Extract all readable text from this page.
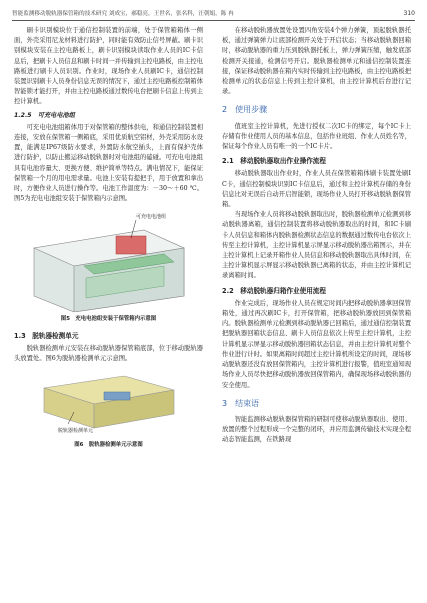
智能监测移动脱轨器保管箱的技术研究 刘成宝，郝稳亮，王世名，张名科，汪朝娟，陈 冉	310

刷卡识别模块位于通信控制装置的前端，处于保管箱箱体一侧面，外壳采用尼龙材料进行防护，同时能有效防止信号屏蔽。刷卡识别模块安装在主控电路板上，刷卡识别模块读取作业人员的IC卡信息后，把刷卡人员信息和刷卡时间一并传输到主控电路板，由主控电路板进行刷卡人员识别。作业时，现场作业人员刷IC卡，通信控制装置识别刷卡人员身份信息无误的情况下，通过主控电路板控制箱体智能锁才能打开，并由主控电路板通过数传电台把刷卡信息上传到主控计算机。

1.2.5　可充电电池组

可充电电池组箱体用于对保管箱的整体供电，和通信控制装置相连接，安放在保管箱一侧箱底，采用优质航空铝材，外壳采用防水设置，能满足IP67级防水要求，外置防水航空插头，上面有保护壳体进行防护，以防止搬运移动脱轨器时对电池组的磕碰。可充电电池组具有电池容量大、更换方便、维护简单等特点。满电情况下，能保证保管箱一个月的用电需求量。电池上安装有提把手，用于放置和拿出时，方便作业人员进行操作等。电池工作温度为：－30～＋60 ℃。图5为充电电池组安装于保管箱内示意图。

可充电电池组
图5　充电电池组安装于保管箱内示意图
1.3　脱轨器检测单元

脱轨器检测单元安装在移动脱轨器保管箱底部，位于移动脱轨器头放置处。图6为脱轨器检测单元示意图。

脱轨器检测单元
图6　脱轨器检测单元示意图

在移动脱轨器放置处设置四角安装4个弹力弹簧，顶起脱轨器托板，通过弹簧弹力让底部检测开关处于开启状态；当移动脱轨器回箱时，移动脱轨器的重力压到脱轨器托板上，弹力弹簧压缩，触发底部检测开关接通，检测信号开启。脱轨器检测单元和通信控制装置连接，保证移动脱轨器在箱内实时传输到主控电路板，由主控电路板把检测单元的状态信息上传到主控计算机，由主控计算机后台进行记录。

2　使用步骤

值班室主控计算机，先进行授权二次IC卡的绑定，每个IC卡上存储有作业使用人员的基本信息，包括作业班组、作业人员姓名等，保证每个作业人员有唯一的一个IC卡片。

2.1　移动脱轨器取出作业操作流程

移动脱轨器取出作业时，作业人员在保管箱箱体刷卡装置处刷IC卡，通信控制模块识别IC卡信息后，通过和主控计算机存储的身份信息比对无误后自动开启智能锁，现场作业人员打开移动脱轨器保管箱。

当现场作业人员将移动脱轨器取出时，脱轨器检测单元检测到移动脱轨器离箱，通信控制装置将移动脱轨器取出的时间，和IC卡刷卡人员信息和箱体内脱轨器检测状态信息的数据通过数传电台依次上传至主控计算机，主控计算机显示屏显示移动脱轨器出箱图示，并在主控计算机上记录开箱作业人员信息和移动脱轨器取出具体时间，在主控计算机显示屏显示移动脱轨器已离箱的状态，并由主控计算机记录离箱时间。

2.2　移动脱轨器归箱作业使用流程

作业完成后，现场作业人员在规定时间内把移动脱轨器拿回保管箱处，通过再次刷IC卡，打开保管箱，把移动脱轨器放回到保管箱内。脱轨器检测单元检测到移动脱轨器已回箱后，通过通信控制装置把脱轨器回箱状态信息、刷卡人员信息依次上传至主控计算机，主控计算机显示屏显示移动脱轨器回箱状态信息，并由主控计算机对整个作业进行计时。如果离箱时间超过主控计算机所设定的时间，现场移动脱轨器还没有放回保管箱内，主控计算机进行报警，值班室通知现场作业人员尽快把移动脱轨器放回保管箱内，确保现场移动脱轨器的安全使用。

3　结束语

智能监测移动脱轨器保管箱的研制可使移动脱轨器取出、使用、放置的整个过程形成一个完整的闭环，并应用监测传输技术实现全程动态智能监测，在铁路现
